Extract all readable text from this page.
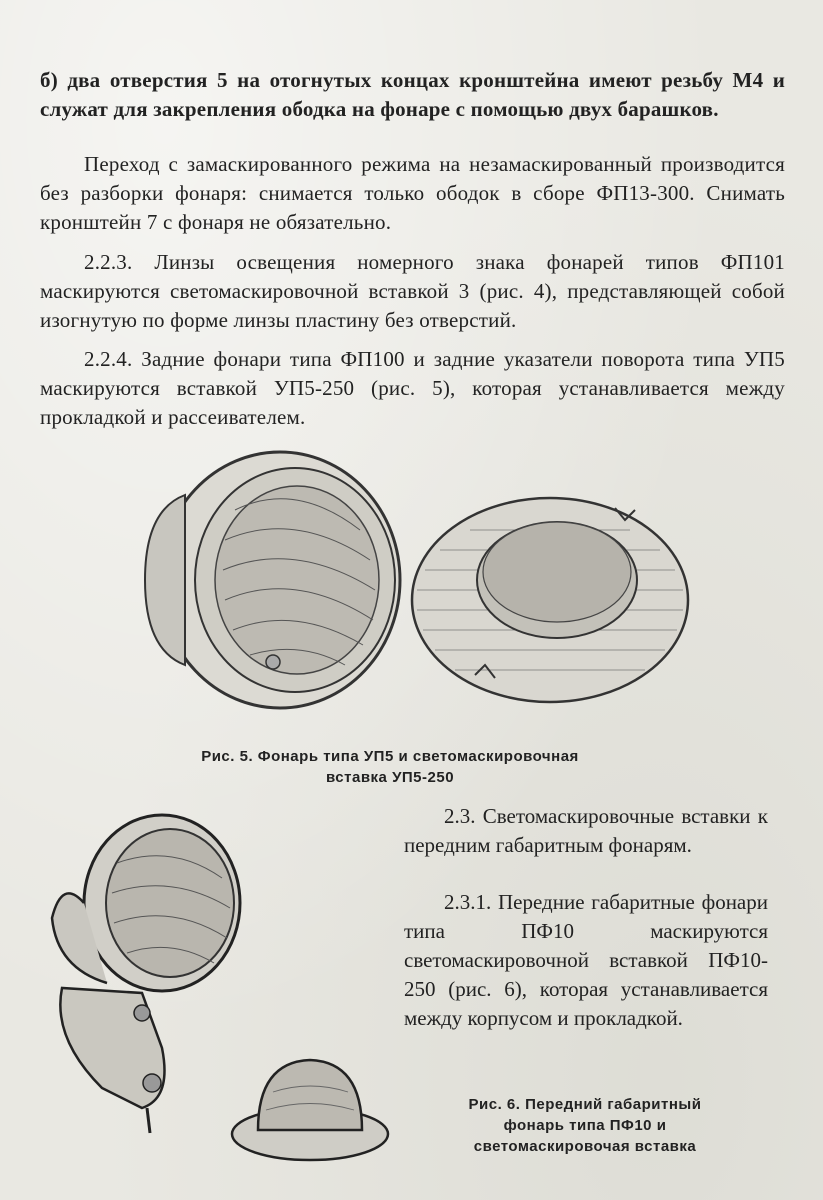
б) два отверстия 5 на отогнутых концах кронштейна имеют резьбу М4 и служат для закрепления ободка на фонаре с помощью двух барашков.

Переход с замаскированного режима на незамаскированный производится без разборки фонаря: снимается только ободок в сборе ФП13-300. Снимать кронштейн 7 с фонаря не обязательно.

2.2.3. Линзы освещения номерного знака фонарей типов ФП101 маскируются светомаскировочной вставкой 3 (рис. 4), представляющей собой изогнутую по форме линзы пластину без отверстий.

2.2.4. Задние фонари типа ФП100 и задние указатели поворота типа УП5 маскируются вставкой УП5-250 (рис. 5), которая устанавливается между прокладкой и рассеивателем.

Рис. 5. Фонарь типа УП5 и светомаскировочная
вставка УП5-250

2.3. Светомаскировочные вставки к передним габаритным фонарям.

2.3.1. Передние габаритные фонари типа ПФ10 маскируются светомаскировочной вставкой ПФ10-250 (рис. 6), которая устанавливается между корпусом и прокладкой.

Рис. 6. Передний габаритный
фонарь типа ПФ10 и
светомаскировочая вставка
